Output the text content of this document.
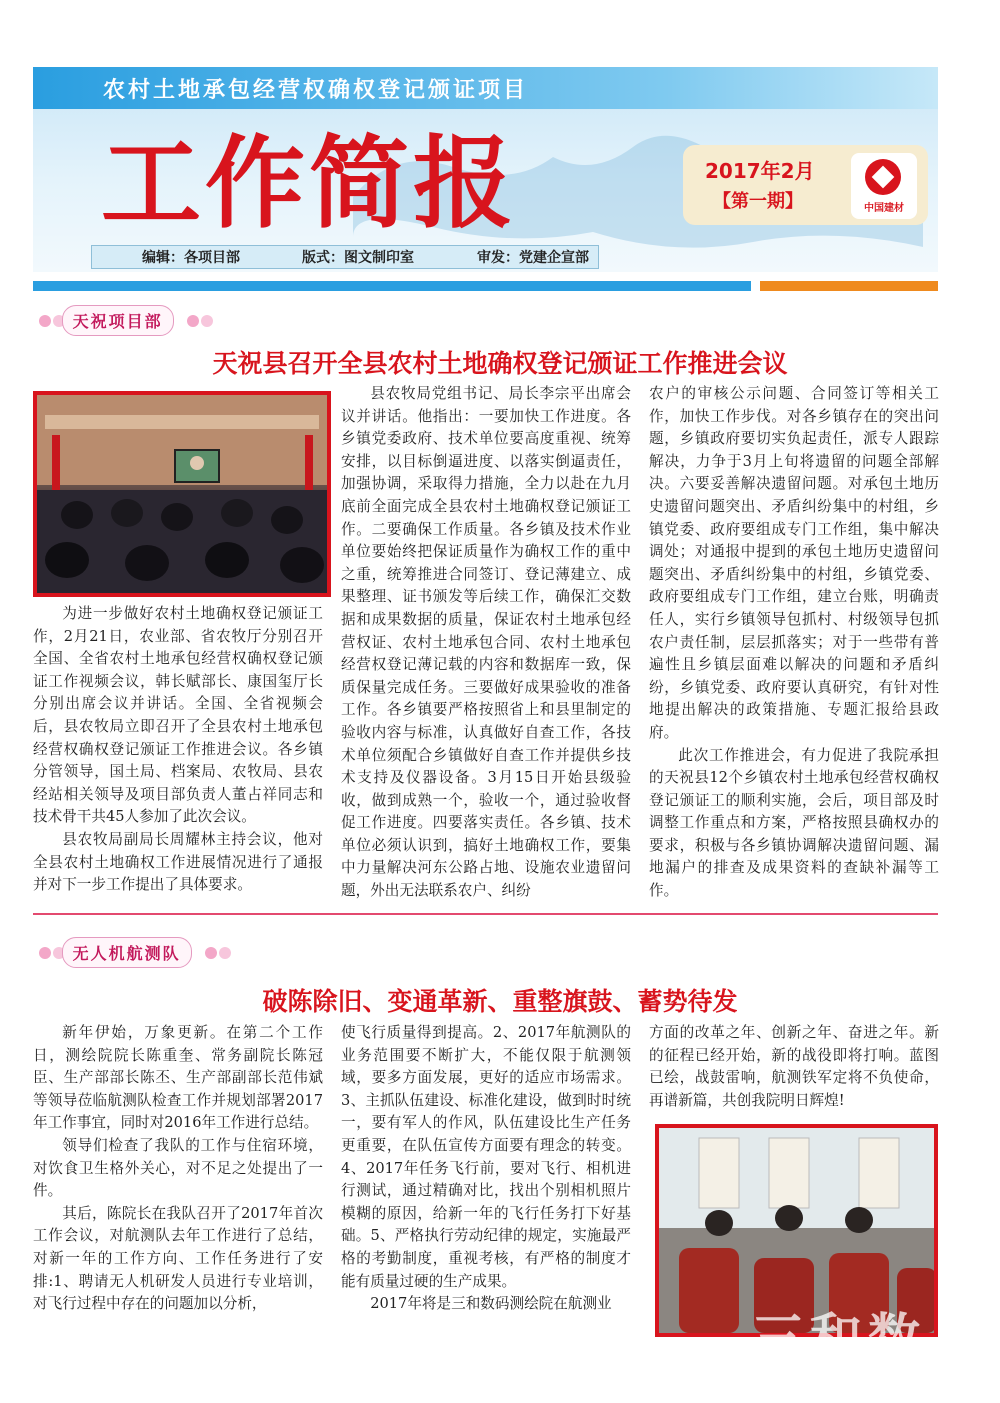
农村土地承包经营权确权登记颁证项目
工作简报	2017年2月
【第一期】	中国建材
编辑：各项目部	版式：图文制印室	审发：党建企宣部
天祝项目部
天祝县召开全县农村土地确权登记颁证工作推进会议

为进一步做好农村土地确权登记颁证工作，2月21日，农业部、省农牧厅分别召开全国、全省农村土地承包经营权确权登记颁证工作视频会议，韩长赋部长、康国玺厅长分别出席会议并讲话。全国、全省视频会后，县农牧局立即召开了全县农村土地承包经营权确权登记颁证工作推进会议。各乡镇分管领导，国土局、档案局、农牧局、县农经站相关领导及项目部负责人董占祥同志和技术骨干共45人参加了此次会议。

县农牧局副局长周耀林主持会议，他对全县农村土地确权工作进展情况进行了通报并对下一步工作提出了具体要求。

县农牧局党组书记、局长李宗平出席会议并讲话。他指出：一要加快工作进度。各乡镇党委政府、技术单位要高度重视、统筹安排，以目标倒逼进度、以落实倒逼责任，加强协调，采取得力措施，全力以赴在九月底前全面完成全县农村土地确权登记颁证工作。二要确保工作质量。各乡镇及技术作业单位要始终把保证质量作为确权工作的重中之重，统筹推进合同签订、登记薄建立、成果整理、证书颁发等后续工作，确保汇交数据和成果数据的质量，保证农村土地承包经营权证、农村土地承包合同、农村土地承包经营权登记薄记载的内容和数据库一致，保质保量完成任务。三要做好成果验收的准备工作。各乡镇要严格按照省上和县里制定的验收内容与标准，认真做好自查工作，各技术单位须配合乡镇做好自查工作并提供乡技术支持及仪器设备。3月15日开始县级验收，做到成熟一个，验收一个，通过验收督促工作进度。四要落实责任。各乡镇、技术单位必须认识到，搞好土地确权工作，要集中力量解决河东公路占地、设施农业遗留问题，外出无法联系农户、纠纷

农户的审核公示问题、合同签订等相关工作，加快工作步伐。对各乡镇存在的突出问题，乡镇政府要切实负起责任，派专人跟踪解决，力争于3月上旬将遗留的问题全部解决。六要妥善解决遗留问题。对承包土地历史遗留问题突出、矛盾纠纷集中的村组，乡镇党委、政府要组成专门工作组，集中解决调处；对通报中提到的承包土地历史遗留问题突出、矛盾纠纷集中的村组，乡镇党委、政府要组成专门工作组，建立台账，明确责任人，实行乡镇领导包抓村、村级领导包抓农户责任制，层层抓落实；对于一些带有普遍性且乡镇层面难以解决的问题和矛盾纠纷，乡镇党委、政府要认真研究，有针对性地提出解决的政策措施、专题汇报给县政府。

此次工作推进会，有力促进了我院承担的天祝县12个乡镇农村土地承包经营权确权登记颁证工的顺利实施，会后，项目部及时调整工作重点和方案，严格按照县确权办的要求，积极与各乡镇协调解决遗留问题、漏地漏户的排查及成果资料的查缺补漏等工作。

无人机航测队
破陈除旧、变通革新、重整旗鼓、蓄势待发

新年伊始，万象更新。在第二个工作日，测绘院院长陈重奎、常务副院长陈冠臣、生产部部长陈丕、生产部副部长范伟斌等领导莅临航测队检查工作并规划部署2017年工作事宜，同时对2016年工作进行总结。

领导们检查了我队的工作与住宿环境，对饮食卫生格外关心，对不足之处提出了一件。

其后，陈院长在我队召开了2017年首次工作会议，对航测队去年工作进行了总结，对新一年的工作方向、工作任务进行了安排:1、聘请无人机研发人员进行专业培训，对飞行过程中存在的问题加以分析，

使飞行质量得到提高。2、2017年航测队的业务范围要不断扩大，不能仅限于航测领域，要多方面发展，更好的适应市场需求。3、主抓队伍建设、标准化建设，做到时时统一，要有军人的作风，队伍建设比生产任务更重要，在队伍宣传方面要有理念的转变。4、2017年任务飞行前，要对飞行、相机进行测试，通过精确对比，找出个别相机照片模糊的原因，给新一年的飞行任务打下好基础。5、严格执行劳动纪律的规定，实施最严格的考勤制度，重视考核，有严格的制度才能有质量过硬的生产成果。

2017年将是三和数码测绘院在航测业

方面的改革之年、创新之年、奋进之年。新的征程已经开始，新的战役即将打响。蓝图已绘，战鼓雷响，航测铁军定将不负使命，再谱新篇，共创我院明日辉煌!

三和数
